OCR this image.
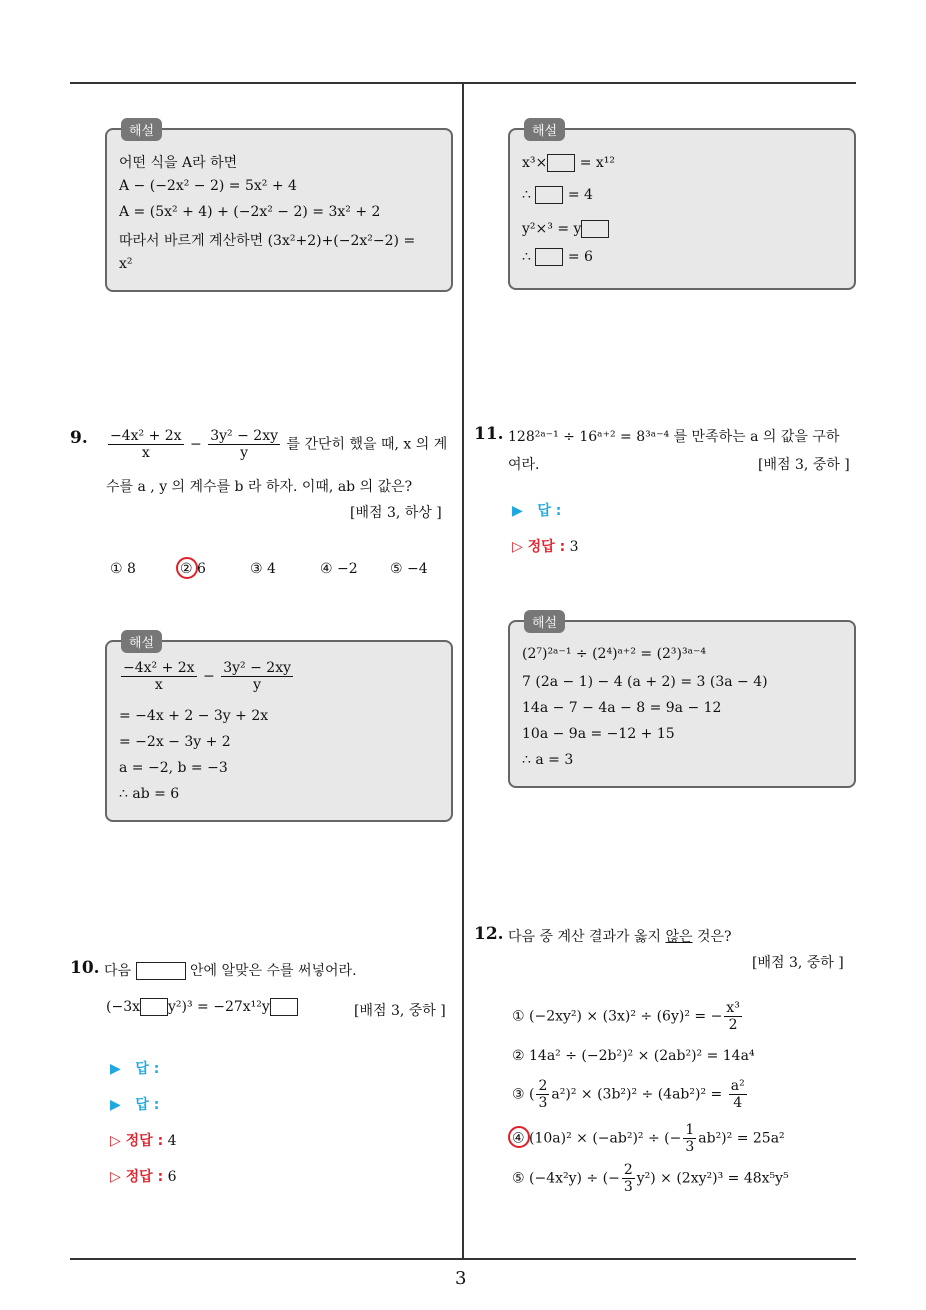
3
해설
어떤 식을 A라 하면
A − (−2x² − 2) = 5x² + 4
A = (5x² + 4) + (−2x² − 2) = 3x² + 2
따라서 바르게 계산하면 (3x²+2)+(−2x²−2) =
x²
해설
x³× = x¹²
∴	= 4
y²×³ = y
∴	= 6
9. $\frac{\text{−4x² + 2x}}{x} - \frac{\text{3y² − 2xy}}{y}$ 를 간단히 했을 때, x 의 계
수를 a , y 의 계수를 b 라 하자. 이때, ab 의 값은?
[배점 3, 하상 ]
① 8	② 6	③ 4	④ −2 ⑤ −4
해설
$\frac{\text{−4x² + 2x}}{x} - \frac{\text{3y² − 2xy}}{y}$
= −4x + 2 − 3y + 2x
= −2x − 3y + 2
a = −2, b = −3
∴ ab = 6
10. 다음	안에 알맞은 수를 써넣어라.
(−3x y²)³ = −27x¹²y	[배점 3, 중하 ]
▶   답 :
▶   답 :
▷ 정답 : 4
▷ 정답 : 6
11. 128²ᵃ⁻¹ ÷ 16ᵃ⁺² = 8³ᵃ⁻⁴ 를 만족하는 a 의 값을 구하
여라.	[배점 3, 중하 ]
▶   답 :
▷ 정답 : 3
해설
(2⁷)²ᵃ⁻¹ ÷ (2⁴)ᵃ⁺² = (2³)³ᵃ⁻⁴
7 (2a − 1) − 4 (a + 2) = 3 (3a − 4)
14a − 7 − 4a − 8 = 9a − 12
10a − 9a = −12 + 15
∴ a = 3
12. 다음 중 계산 결과가 옳지 않은 것은?
[배점 3, 중하 ]
① (−2xy²) × (3x)² ÷ (6y)² = − $\frac{\text{x³}}{2}$
② 14a² ÷ (−2b²)² × (2ab²)² = 14a⁴
③ ( $\frac{2}{3} a^2)^2 \times (3b^2)^2 \div (4ab^2)^2 = \frac{\text{a²}}{4}$
④ (10a)² × (−ab²)² ÷ (− $\frac{1}{3} ab^2)^2 = 25a^2$
⑤ (−4x²y) ÷ (− $\frac{2}{3} y^2) \times (2xy^2)^3 = 48x^5y^5$
